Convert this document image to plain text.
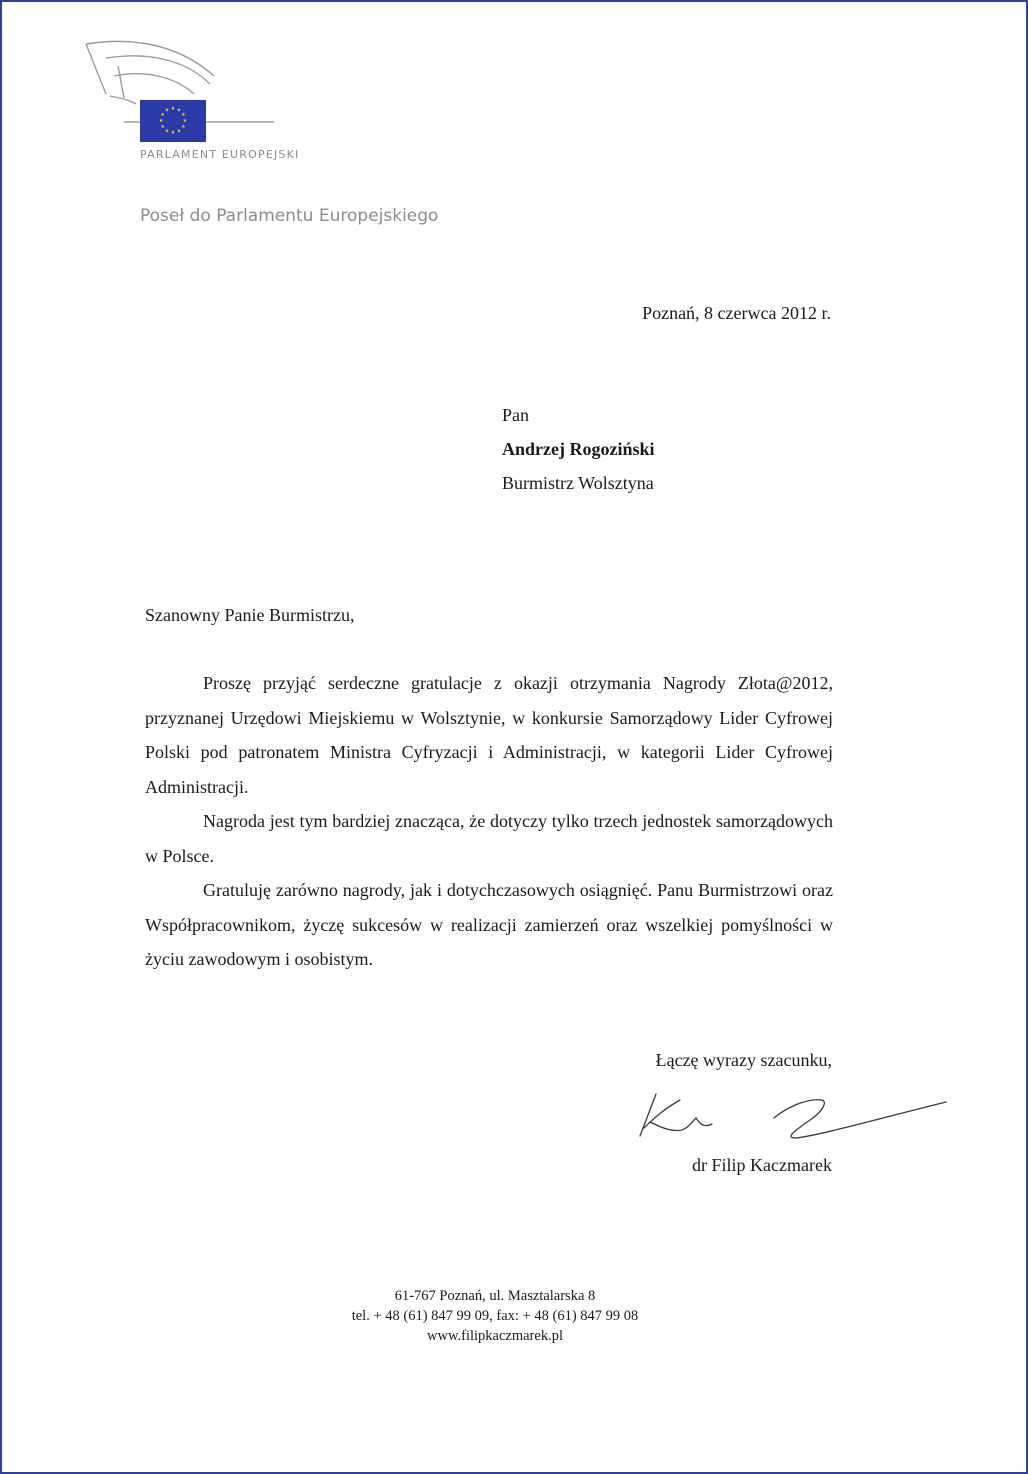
★ ★
★
★
★
★
★
★
★
★
★
★
PARLAMENT EUROPEJSKI
Poseł do Parlamentu Europejskiego
Poznań, 8 czerwca 2012 r.
Pan
Andrzej Rogoziński
Burmistrz Wolsztyna
Szanowny Panie Burmistrzu,

Proszę przyjąć serdeczne gratulacje z okazji otrzymania Nagrody Złota@2012, przyznanej Urzędowi Miejskiemu w Wolsztynie, w konkursie Samorządowy Lider Cyfrowej Polski pod patronatem Ministra Cyfryzacji i Administracji, w kategorii Lider Cyfrowej Administracji.

Nagroda jest tym bardziej znacząca, że dotyczy tylko trzech jednostek samorządowych w Polsce.

Gratuluję zarówno nagrody, jak i dotychczasowych osiągnięć. Panu Burmistrzowi oraz Współpracownikom, życzę sukcesów w realizacji zamierzeń oraz wszelkiej pomyślności w życiu zawodowym i osobistym.

Łączę wyrazy szacunku,
dr Filip Kaczmarek
61-767 Poznań, ul. Masztalarska 8
tel. + 48 (61) 847 99 09, fax: + 48 (61) 847 99 08
www.filipkaczmarek.pl
